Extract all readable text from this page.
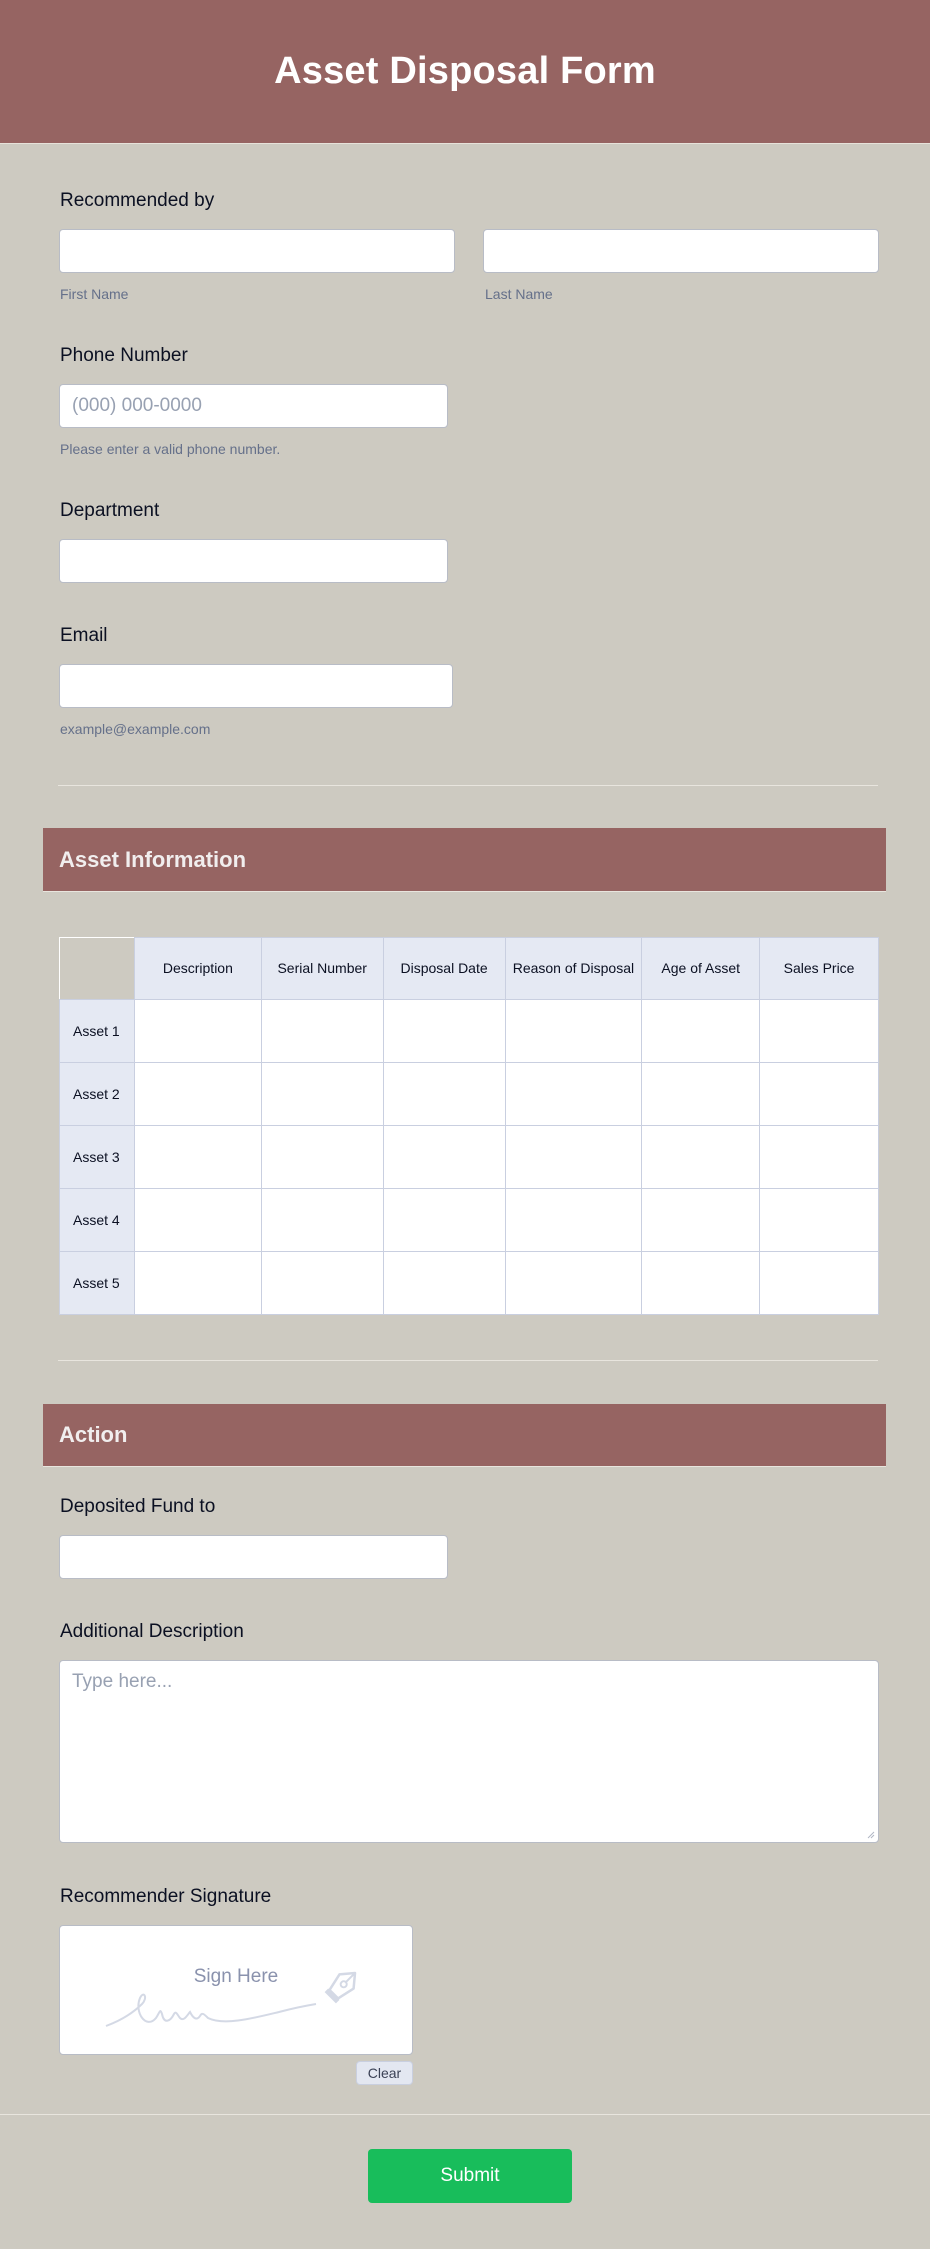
Asset Disposal Form
Recommended by
First Name	Last Name
Phone Number
(000) 000-0000
Please enter a valid phone number.
Department
Email
example@example.com
Asset Information
	Description	Serial Number	Disposal Date	Reason of Disposal	Age of Asset	Sales Price
Asset 1						
Asset 2						
Asset 3						
Asset 4						
Asset 5						
Action
Deposited Fund to
Additional Description
Type here...
Recommender Signature
Sign Here
Clear
Submit
